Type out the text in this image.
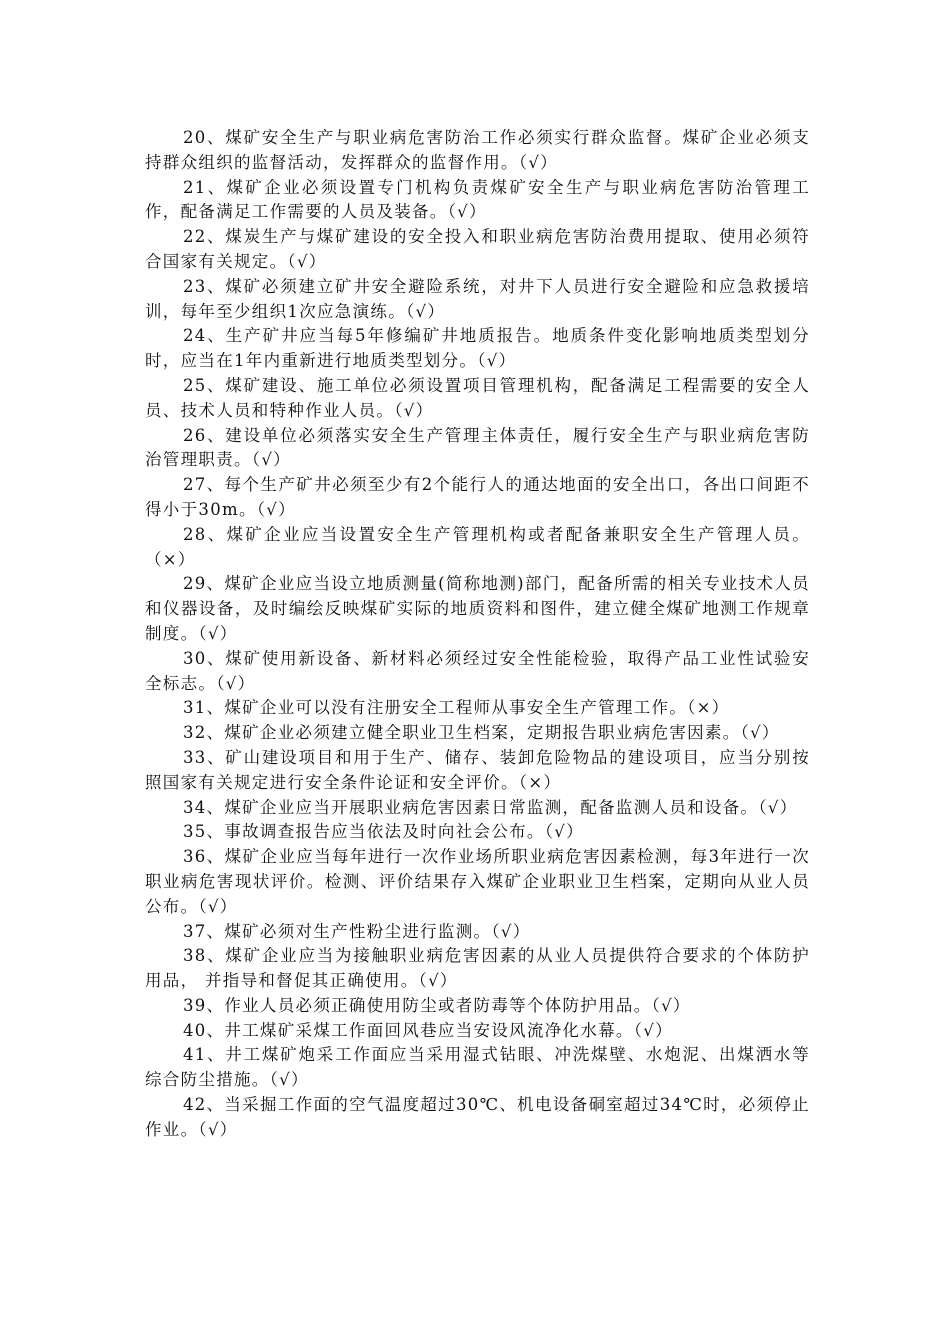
20、煤矿安全生产与职业病危害防治工作必须实行群众监督。煤矿企业必须支持群众组织的监督活动，发挥群众的监督作用。（√）

21、煤矿企业必须设置专门机构负责煤矿安全生产与职业病危害防治管理工作，配备满足工作需要的人员及装备。（√）

22、煤炭生产与煤矿建设的安全投入和职业病危害防治费用提取、使用必须符合国家有关规定。（√）

23、煤矿必须建立矿井安全避险系统，对井下人员进行安全避险和应急救援培训，每年至少组织1次应急演练。（√）

24、生产矿井应当每5年修编矿井地质报告。地质条件变化影响地质类型划分时，应当在1年内重新进行地质类型划分。（√）

25、煤矿建设、施工单位必须设置项目管理机构，配备满足工程需要的安全人员、技术人员和特种作业人员。（√）

26、建设单位必须落实安全生产管理主体责任，履行安全生产与职业病危害防治管理职责。（√）

27、每个生产矿井必须至少有2个能行人的通达地面的安全出口，各出口间距不得小于30m。（√）

28、煤矿企业应当设置安全生产管理机构或者配备兼职安全生产管理人员。（×）

29、煤矿企业应当设立地质测量(简称地测)部门，配备所需的相关专业技术人员和仪器设备，及时编绘反映煤矿实际的地质资料和图件，建立健全煤矿地测工作规章制度。（√）

30、煤矿使用新设备、新材料必须经过安全性能检验，取得产品工业性试验安全标志。（√）

31、煤矿企业可以没有注册安全工程师从事安全生产管理工作。（×）

32、煤矿企业必须建立健全职业卫生档案，定期报告职业病危害因素。（√）

33、矿山建设项目和用于生产、储存、装卸危险物品的建设项目，应当分别按照国家有关规定进行安全条件论证和安全评价。（×）

34、煤矿企业应当开展职业病危害因素日常监测，配备监测人员和设备。（√）

35、事故调查报告应当依法及时向社会公布。（√）

36、煤矿企业应当每年进行一次作业场所职业病危害因素检测，每3年进行一次职业病危害现状评价。检测、评价结果存入煤矿企业职业卫生档案，定期向从业人员公布。（√）

37、煤矿必须对生产性粉尘进行监测。（√）

38、煤矿企业应当为接触职业病危害因素的从业人员提供符合要求的个体防护用品， 并指导和督促其正确使用。（√）

39、作业人员必须正确使用防尘或者防毒等个体防护用品。（√）

40、井工煤矿采煤工作面回风巷应当安设风流净化水幕。（√）

41、井工煤矿炮采工作面应当采用湿式钻眼、冲洗煤壁、水炮泥、出煤洒水等综合防尘措施。（√）

42、当采掘工作面的空气温度超过30℃、机电设备硐室超过34℃时，必须停止作业。（√）
